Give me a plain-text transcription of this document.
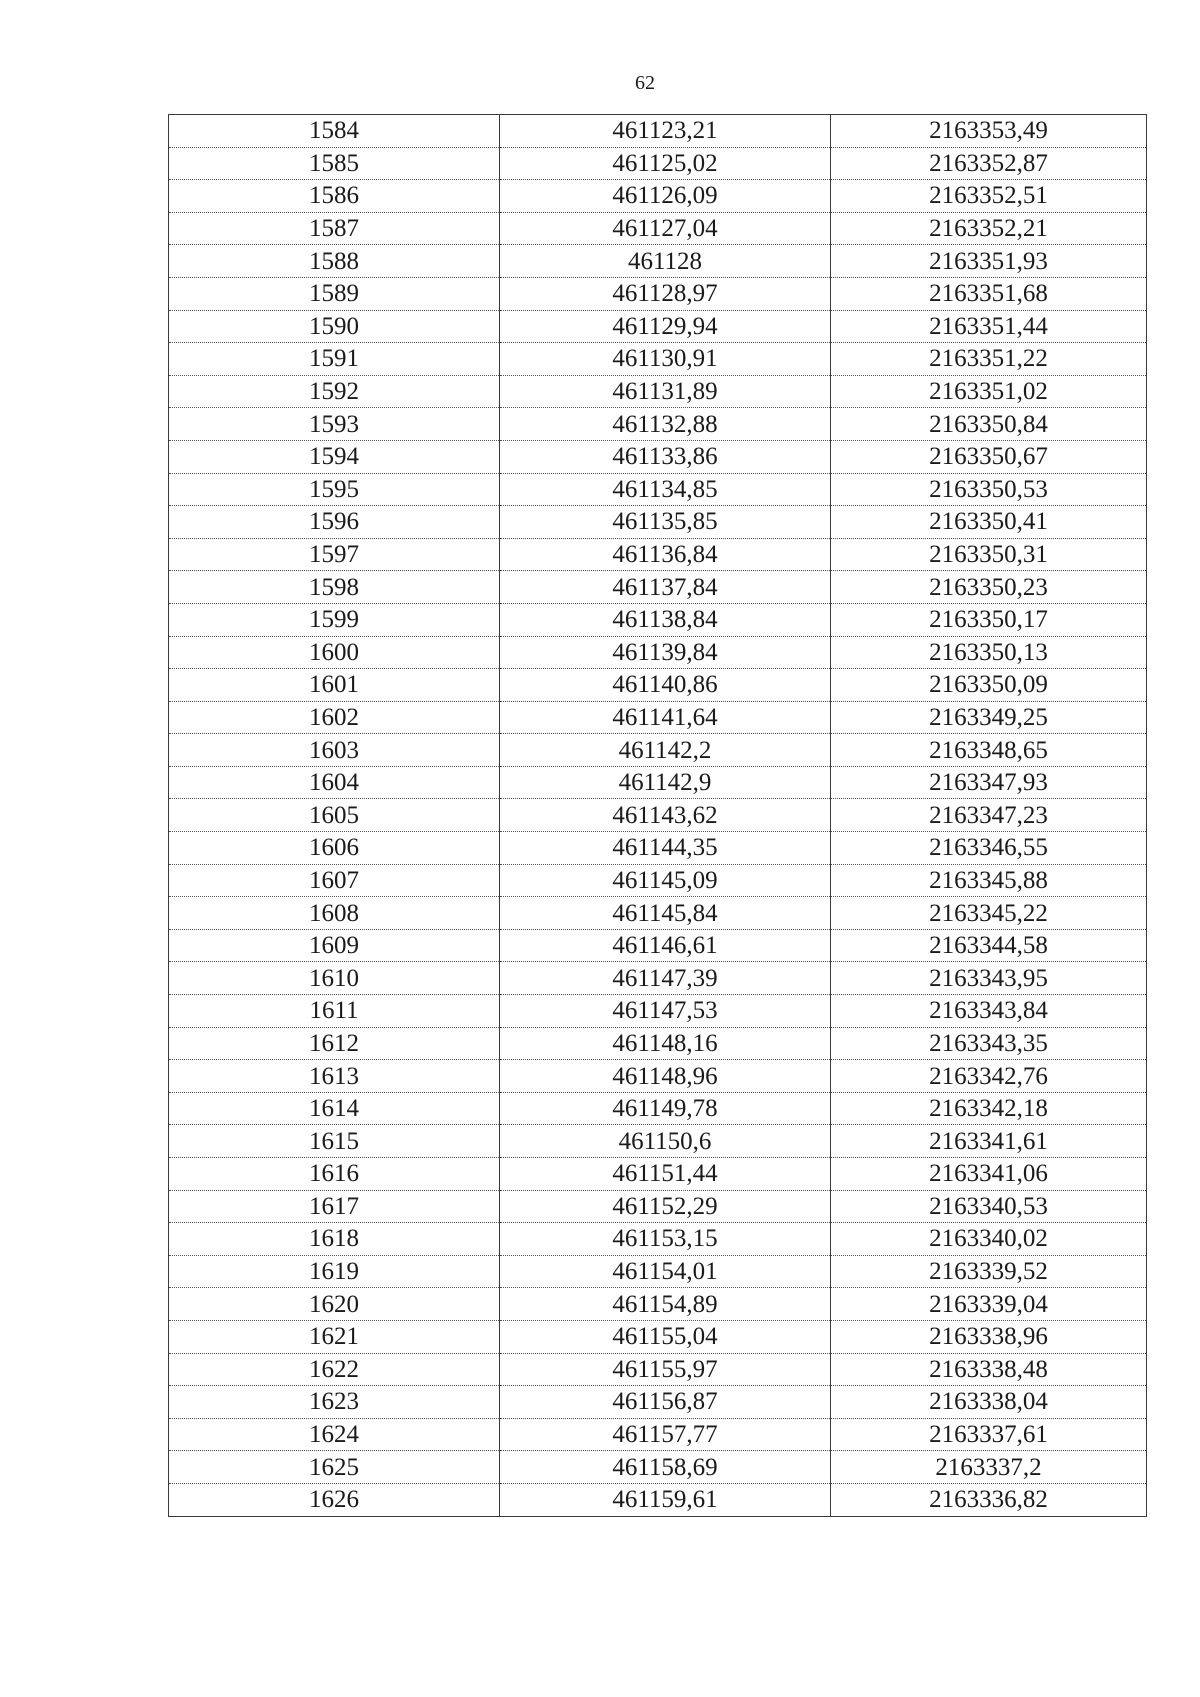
62
1584	461123,21	2163353,49
1585	461125,02	2163352,87
1586	461126,09	2163352,51
1587	461127,04	2163352,21
1588	461128	2163351,93
1589	461128,97	2163351,68
1590	461129,94	2163351,44
1591	461130,91	2163351,22
1592	461131,89	2163351,02
1593	461132,88	2163350,84
1594	461133,86	2163350,67
1595	461134,85	2163350,53
1596	461135,85	2163350,41
1597	461136,84	2163350,31
1598	461137,84	2163350,23
1599	461138,84	2163350,17
1600	461139,84	2163350,13
1601	461140,86	2163350,09
1602	461141,64	2163349,25
1603	461142,2	2163348,65
1604	461142,9	2163347,93
1605	461143,62	2163347,23
1606	461144,35	2163346,55
1607	461145,09	2163345,88
1608	461145,84	2163345,22
1609	461146,61	2163344,58
1610	461147,39	2163343,95
1611	461147,53	2163343,84
1612	461148,16	2163343,35
1613	461148,96	2163342,76
1614	461149,78	2163342,18
1615	461150,6	2163341,61
1616	461151,44	2163341,06
1617	461152,29	2163340,53
1618	461153,15	2163340,02
1619	461154,01	2163339,52
1620	461154,89	2163339,04
1621	461155,04	2163338,96
1622	461155,97	2163338,48
1623	461156,87	2163338,04
1624	461157,77	2163337,61
1625	461158,69	2163337,2
1626	461159,61	2163336,82
